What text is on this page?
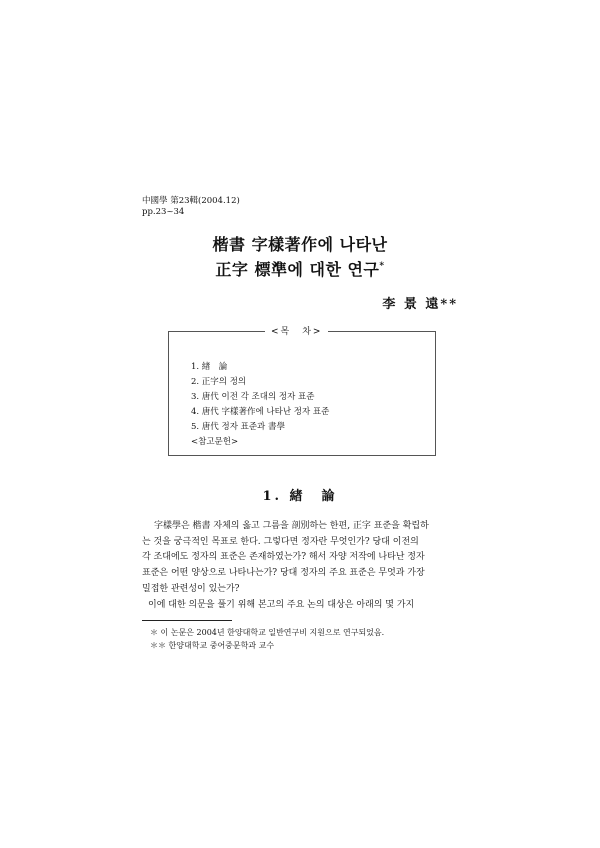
中國學 第23輯(2004.12)
pp.23~34
楷書 字樣著作에 나타난
正字 標準에 대한 연구*
李 景 遠**
<목　차>
1. 緖　論
2. 正字의 정의
3. 唐代 이전 각 조대의 정자 표준
4. 唐代 字樣著作에 나타난 정자 표준
5. 唐代 정자 표준과 書學
<참고문헌>
1. 緖　論

字樣學은 楷書 자체의 옳고 그름을 剖別하는 한편, 正字 표준을 확립하

는 것을 궁극적인 목표로 한다. 그렇다면 정자란 무엇인가? 당대 이전의

각 조대에도 정자의 표준은 존재하였는가? 해서 자양 저작에 나타난 정자

표준은 어떤 양상으로 나타나는가? 당대 정자의 주요 표준은 무엇과 가장

밀접한 관련성이 있는가?

이에 대한 의문을 풀기 위해 본고의 주요 논의 대상은 아래의 몇 가지

＊ 이 논문은 2004년 한양대학교 일반연구비 지원으로 연구되었음.
＊＊ 한양대학교 중어중문학과 교수
